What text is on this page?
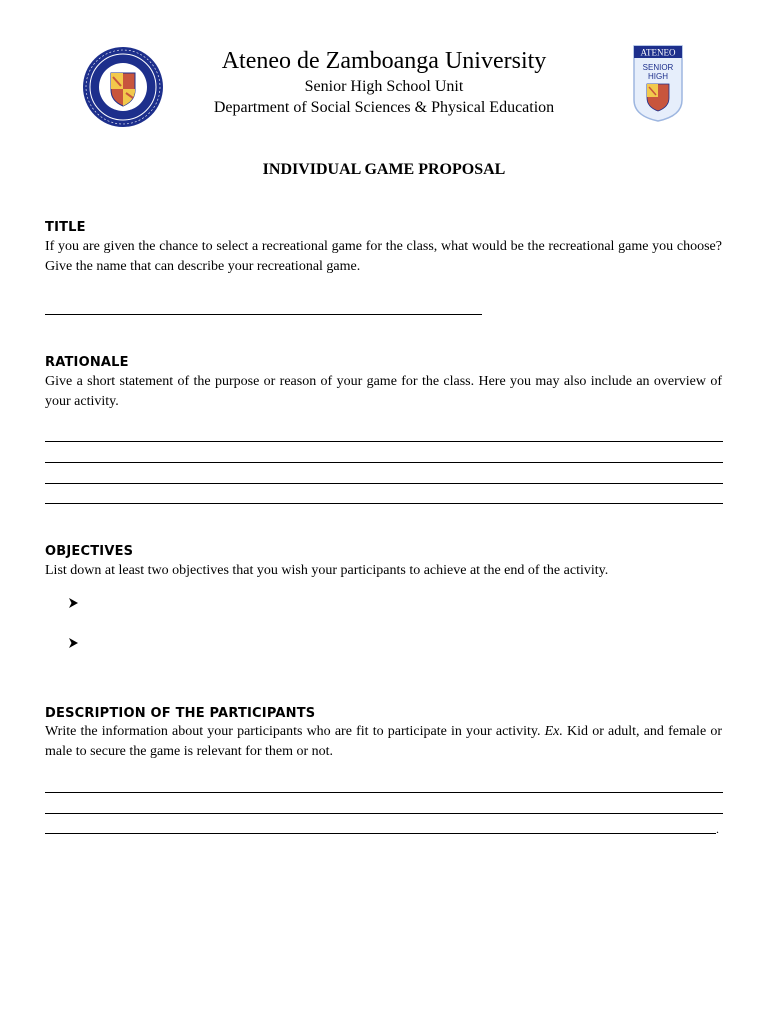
ATENEO
SENIOR
HIGH
Ateneo de Zamboanga University
Senior High School Unit
Department of Social Sciences & Physical Education
INDIVIDUAL GAME PROPOSAL
TITLE
If you are given the chance to select a recreational game for the class, what would be the recreational game you choose? Give the name that can describe your recreational game.
RATIONALE
Give a short statement of the purpose or reason of your game for the class. Here you may also include an overview of your activity.
OBJECTIVES
List down at least two objectives that you wish your participants to achieve at the end of the activity.
DESCRIPTION OF THE PARTICIPANTS
Write the information about your participants who are fit to participate in your activity. Ex. Kid or adult, and female or male to secure the game is relevant for them or not.
.
